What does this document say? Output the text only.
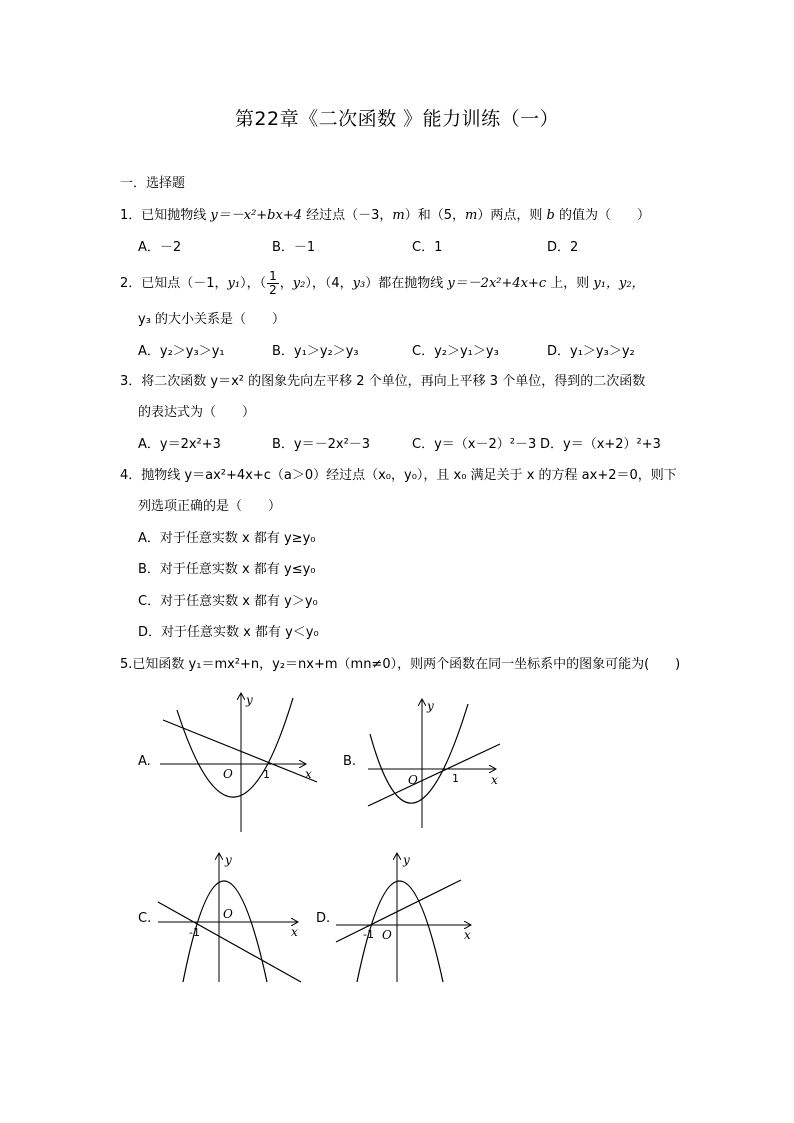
第22章《二次函数 》能力训练（一）
一．选择题
1．已知抛物线 y＝－x²+bx+4 经过点（－3，m）和（5，m）两点，则 b 的值为（　　）
A．－2	B．－1	C．1	D．2
2．已知点（－1，y₁），（ $\frac{1}{2}$ ，y₂），（4，y₃）都在抛物线 y＝－2x²+4x+c 上，则 y₁，y₂，
y₃ 的大小关系是（　　）
A．y₂＞y₃＞y₁	B．y₁＞y₂＞y₃	C．y₂＞y₁＞y₃	D．y₁＞y₃＞y₂
3．将二次函数 y＝x² 的图象先向左平移 2 个单位，再向上平移 3 个单位，得到的二次函数
的表达式为（　　）
A．y＝2x²+3	B．y＝－2x²－3	C．y＝（x－2）²－3 D．y＝（x+2）²+3
4．抛物线 y＝ax²+4x+c（a＞0）经过点（x₀，y₀），且 x₀ 满足关于 x 的方程 ax+2＝0，则下
列选项正确的是（　　）
A．对于任意实数 x 都有 y≥y₀
B．对于任意实数 x 都有 y≤y₀
C．对于任意实数 x 都有 y＞y₀
D．对于任意实数 x 都有 y＜y₀
5.已知函数 y₁＝mx²+n，y₂＝nx+m（mn≠0），则两个函数在同一坐标系中的图象可能为(　　)
A.
O	1	x
y
B.
O	1	x
y
C.	O
-1	x
y
D.
O
-1	x
y
